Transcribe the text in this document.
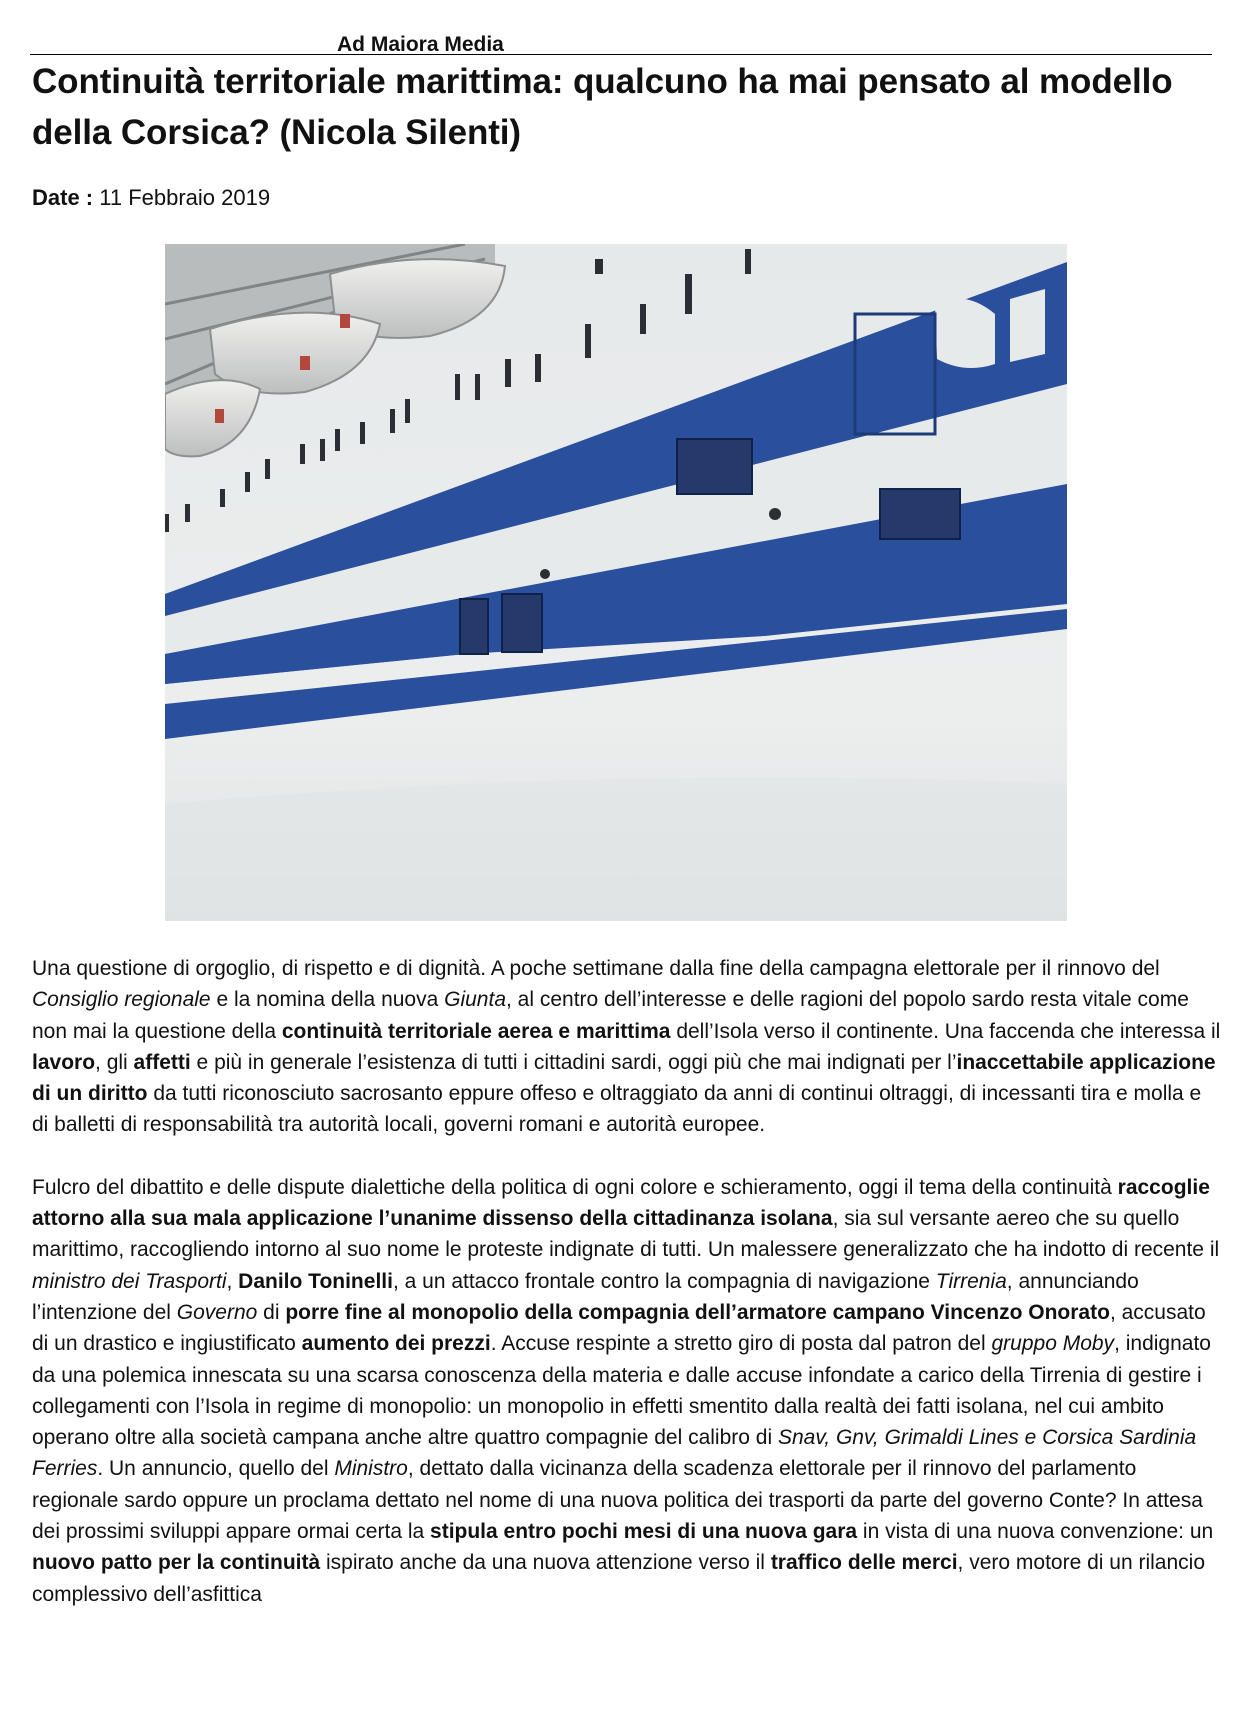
Ad Maiora Media
Continuità territoriale marittima: qualcuno ha mai pensato al modello della Corsica? (Nicola Silenti)
Date : 11 Febbraio 2019

Una questione di orgoglio, di rispetto e di dignità. A poche settimane dalla fine della campagna elettorale per il rinnovo del Consiglio regionale e la nomina della nuova Giunta, al centro dell’interesse e delle ragioni del popolo sardo resta vitale come non mai la questione della continuità territoriale aerea e marittima dell’Isola verso il continente. Una faccenda che interessa il lavoro, gli affetti e più in generale l’esistenza di tutti i cittadini sardi, oggi più che mai indignati per l’inaccettabile applicazione di un diritto da tutti riconosciuto sacrosanto eppure offeso e oltraggiato da anni di continui oltraggi, di incessanti tira e molla e di balletti di responsabilità tra autorità locali, governi romani e autorità europee.

Fulcro del dibattito e delle dispute dialettiche della politica di ogni colore e schieramento, oggi il tema della continuità raccoglie attorno alla sua mala applicazione l’unanime dissenso della cittadinanza isolana, sia sul versante aereo che su quello marittimo, raccogliendo intorno al suo nome le proteste indignate di tutti. Un malessere generalizzato che ha indotto di recente il ministro dei Trasporti, Danilo Toninelli, a un attacco frontale contro la compagnia di navigazione Tirrenia, annunciando l’intenzione del Governo di porre fine al monopolio della compagnia dell’armatore campano Vincenzo Onorato, accusato di un drastico e ingiustificato aumento dei prezzi. Accuse respinte a stretto giro di posta dal patron del gruppo Moby, indignato da una polemica innescata su una scarsa conoscenza della materia e dalle accuse infondate a carico della Tirrenia di gestire i collegamenti con l’Isola in regime di monopolio: un monopolio in effetti smentito dalla realtà dei fatti isolana, nel cui ambito operano oltre alla società campana anche altre quattro compagnie del calibro di Snav, Gnv, Grimaldi Lines e Corsica Sardinia Ferries. Un annuncio, quello del Ministro, dettato dalla vicinanza della scadenza elettorale per il rinnovo del parlamento regionale sardo oppure un proclama dettato nel nome di una nuova politica dei trasporti da parte del governo Conte? In attesa dei prossimi sviluppi appare ormai certa la stipula entro pochi mesi di una nuova gara in vista di una nuova convenzione: un nuovo patto per la continuità ispirato anche da una nuova attenzione verso il traffico delle merci, vero motore di un rilancio complessivo dell’asfittica
